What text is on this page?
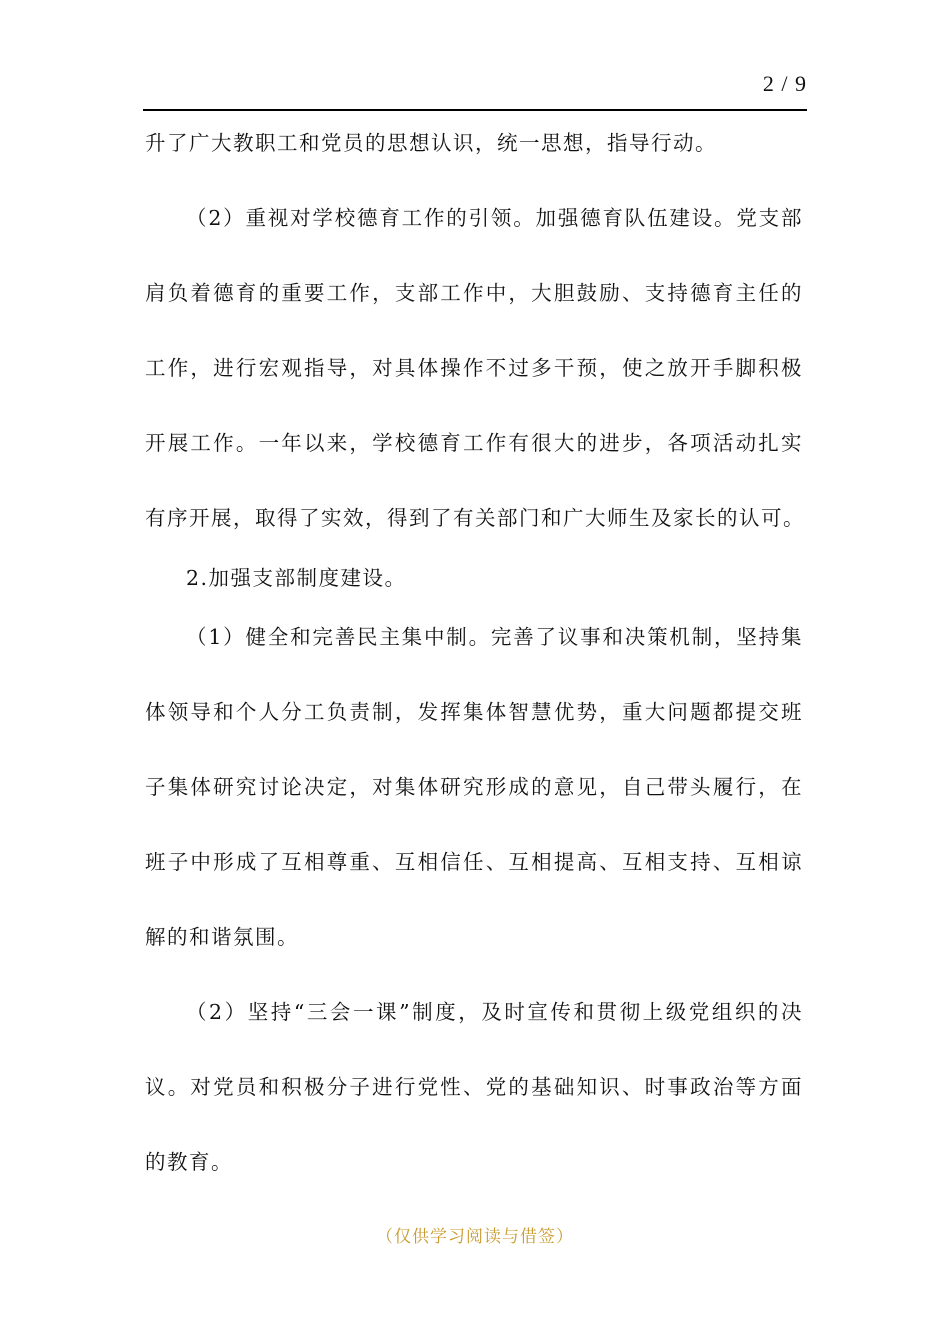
2 / 9
升了广大教职工和党员的思想认识，统一思想，指导行动。
（2）重视对学校德育工作的引领。加强德育队伍建设。党支部
肩负着德育的重要工作，支部工作中，大胆鼓励、支持德育主任的
工作，进行宏观指导，对具体操作不过多干预，使之放开手脚积极
开展工作。一年以来，学校德育工作有很大的进步，各项活动扎实
有序开展，取得了实效，得到了有关部门和广大师生及家长的认可。
2.加强支部制度建设。
（1）健全和完善民主集中制。完善了议事和决策机制，坚持集
体领导和个人分工负责制，发挥集体智慧优势，重大问题都提交班
子集体研究讨论决定，对集体研究形成的意见，自己带头履行，在
班子中形成了互相尊重、互相信任、互相提高、互相支持、互相谅
解的和谐氛围。
（2）坚持“三会一课”制度，及时宣传和贯彻上级党组织的决
议。对党员和积极分子进行党性、党的基础知识、时事政治等方面
的教育。
（仅供学习阅读与借签）
